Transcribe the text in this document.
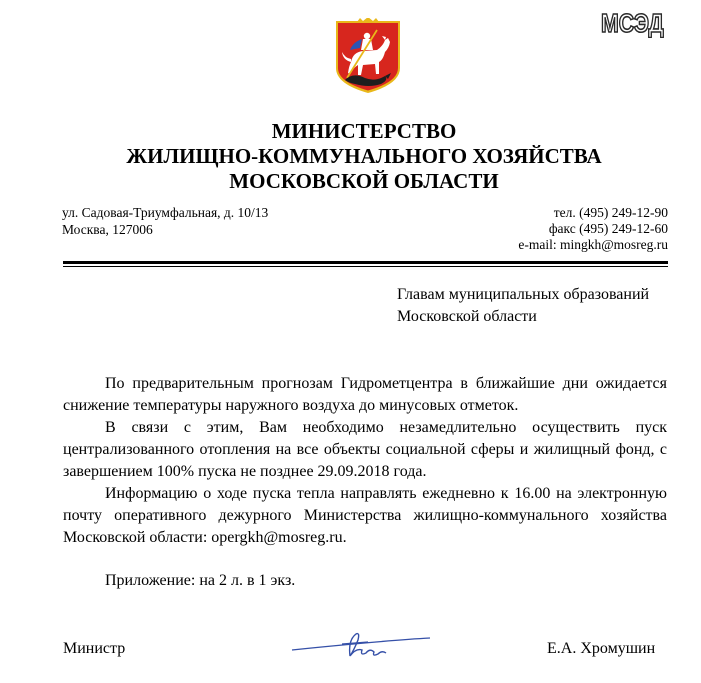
МСЭД
МИНИСТЕРСТВО
ЖИЛИЩНО-КОММУНАЛЬНОГО ХОЗЯЙСТВА
МОСКОВСКОЙ ОБЛАСТИ
ул. Садовая-Триумфальная, д. 10/13
Москва, 127006
тел. (495) 249-12-90
факс (495) 249-12-60
e-mail: mingkh@mosreg.ru
Главам муниципальных образований
Московской области

По предварительным прогнозам Гидрометцентра в ближайшие дни ожидается снижение температуры наружного воздуха до минусовых отметок.

В связи с этим, Вам необходимо незамедлительно осуществить пуск централизованного отопления на все объекты социальной сферы и жилищный фонд, с завершением 100% пуска не позднее 29.09.2018 года.

Информацию о ходе пуска тепла направлять ежедневно к 16.00 на электронную почту оперативного дежурного Министерства жилищно-коммунального хозяйства Московской области: opergkh@mosreg.ru.

Приложение: на 2 л. в 1 экз.

Министр	Е.А. Хромушин
